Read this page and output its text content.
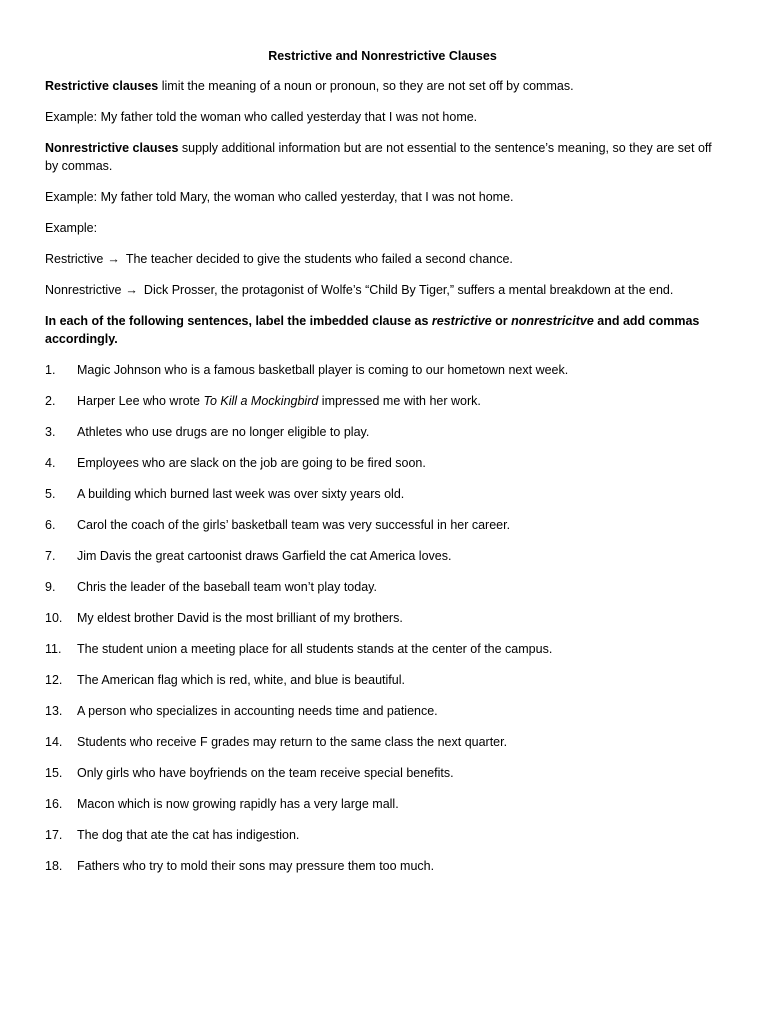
Restrictive and Nonrestrictive Clauses

Restrictive clauses limit the meaning of a noun or pronoun, so they are not set off by commas.

Example: My father told the woman who called yesterday that I was not home.

Nonrestrictive clauses supply additional information but are not essential to the sentence’s meaning, so they are set off by commas.

Example: My father told Mary, the woman who called yesterday, that I was not home.

Example:

Restrictive → The teacher decided to give the students who failed a second chance.

Nonrestrictive → Dick Prosser, the protagonist of Wolfe’s “Child By Tiger,” suffers a mental breakdown at the end.

In each of the following sentences, label the imbedded clause as restrictive or nonrestricitve and add commas accordingly.

1.	Magic Johnson who is a famous basketball player is coming to our hometown next week.
2.	Harper Lee who wrote To Kill a Mockingbird impressed me with her work.
3.	Athletes who use drugs are no longer eligible to play.
4.	Employees who are slack on the job are going to be fired soon.
5.	A building which burned last week was over sixty years old.
6.	Carol the coach of the girls’ basketball team was very successful in her career.
7.	Jim Davis the great cartoonist draws Garfield the cat America loves.
9.	Chris the leader of the baseball team won’t play today.
10.	My eldest brother David is the most brilliant of my brothers.
11.	The student union a meeting place for all students stands at the center of the campus.
12.	The American flag which is red, white, and blue is beautiful.
13.	A person who specializes in accounting needs time and patience.
14.	Students who receive F grades may return to the same class the next quarter.
15.	Only girls who have boyfriends on the team receive special benefits.
16.	Macon which is now growing rapidly has a very large mall.
17.	The dog that ate the cat has indigestion.
18.	Fathers who try to mold their sons may pressure them too much.
